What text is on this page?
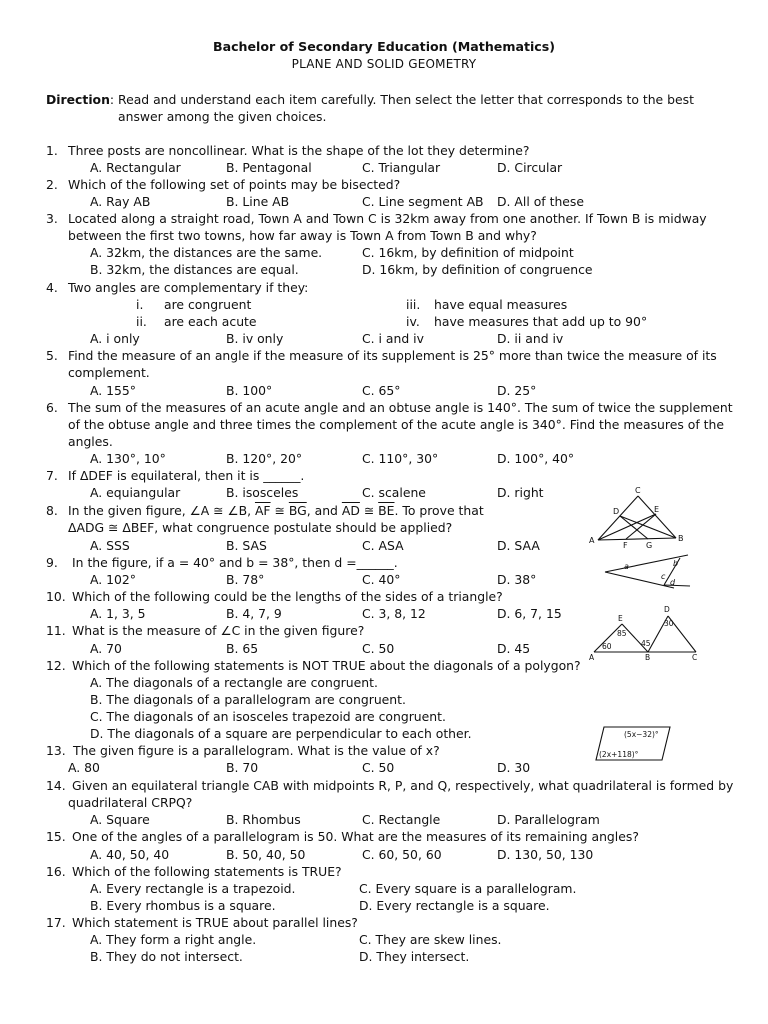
Bachelor of Secondary Education (Mathematics)
PLANE AND SOLID GEOMETRY
Direction: Read and understand each item carefully. Then select the letter that corresponds to the best
answer among the given choices.
1. Three posts are noncollinear. What is the shape of the lot they determine?
A. Rectangular	B. Pentagonal	C. Triangular	D. Circular
2. Which of the following set of points may be bisected?
A. Ray AB	B. Line AB	C. Line segment AB D. All of these
3. Located along a straight road, Town A and Town C is 32km away from one another. If Town B is midway
between the first two towns, how far away is Town A from Town B and why?
A. 32km, the distances are the same.	C. 16km, by definition of midpoint
B. 32km, the distances are equal.	D. 16km, by definition of congruence
4. Two angles are complementary if they:
i. are congruent	iii. have equal measures
ii. are each acute	iv. have measures that add up to 90°
A. i only	B. iv only	C. i and iv	D. ii and iv
5. Find the measure of an angle if the measure of its supplement is 25° more than twice the measure of its
complement.
A. 155°	B. 100°	C. 65°	D. 25°
6. The sum of the measures of an acute angle and an obtuse angle is 140°. The sum of twice the supplement
of the obtuse angle and three times the complement of the acute angle is 340°. Find the measures of the
angles.
A. 130°, 10°	B. 120°, 20°	C. 110°, 30°	D. 100°, 40°
7. If ΔDEF is equilateral, then it is ______.
A. equiangular	B. isosceles	C. scalene	D. right
8. In the given figure, ∠A ≅ ∠B, $\overline{AF}$ ≅ $\overline{BG}$, and $\overline{AD}$ ≅ $\overline{BE}$. To prove that
ΔADG ≅ ΔBEF, what congruence postulate should be applied?
A. SSS	B. SAS	C. ASA	D. SAA
9. In the figure, if a = 40° and b = 38°, then d =______.
A. 102°	B. 78°	C. 40°	D. 38°
10. Which of the following could be the lengths of the sides of a triangle?
A. 1, 3, 5	B. 4, 7, 9	C. 3, 8, 12	D. 6, 7, 15
11. What is the measure of ∠C in the given figure?
A. 70	B. 65	C. 50	D. 45
12. Which of the following statements is NOT TRUE about the diagonals of a polygon?
A. The diagonals of a rectangle are congruent.
B. The diagonals of a parallelogram are congruent.
C. The diagonals of an isosceles trapezoid are congruent.
D. The diagonals of a square are perpendicular to each other.
13. The given figure is a parallelogram. What is the value of x?
A. 80	B. 70	C. 50	D. 30
14. Given an equilateral triangle CAB with midpoints R, P, and Q, respectively, what quadrilateral is formed by
quadrilateral CRPQ?
A. Square	B. Rhombus	C. Rectangle	D. Parallelogram
15. One of the angles of a parallelogram is 50. What are the measures of its remaining angles?
A. 40, 50, 40	B. 50, 40, 50	C. 60, 50, 60	D. 130, 50, 130
16. Which of the following statements is TRUE?
A. Every rectangle is a trapezoid.	C. Every square is a parallelogram.
B. Every rhombus is a square.	D. Every rectangle is a square.
17. Which statement is TRUE about parallel lines?
A. They form a right angle.	C. They are skew lines.
B. They do not intersect.	D. They intersect.
C
D	E
A
F G
B
a	b
c
d
D
E
30
85
60	45
A	B	C
(5x−32)°
(2x+118)°
